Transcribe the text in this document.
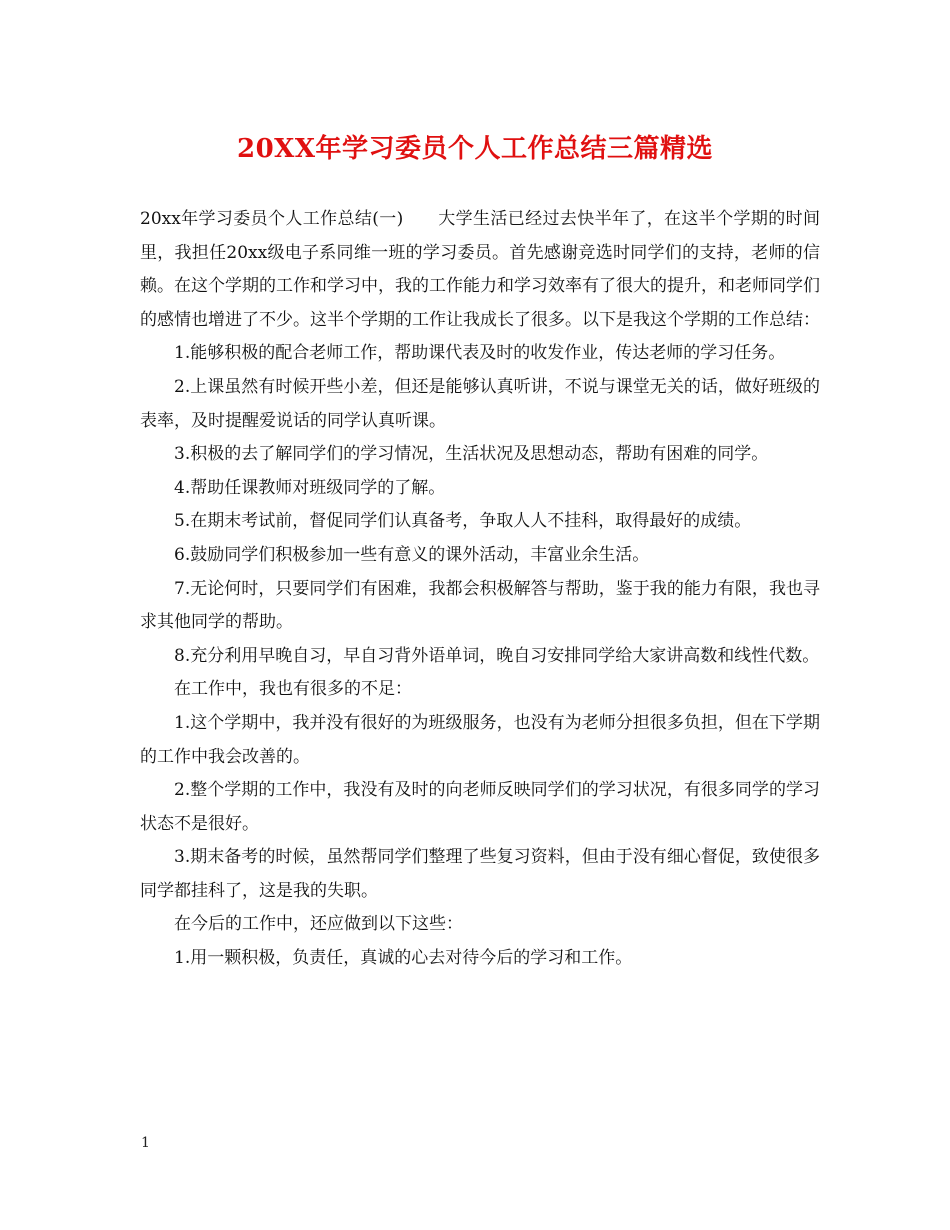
20XX年学习委员个人工作总结三篇精选

20xx年学习委员个人工作总结(一)　　大学生活已经过去快半年了，在这半个学期的时间里，我担任20xx级电子系同维一班的学习委员。首先感谢竞选时同学们的支持，老师的信赖。在这个学期的工作和学习中，我的工作能力和学习效率有了很大的提升，和老师同学们的感情也增进了不少。这半个学期的工作让我成长了很多。以下是我这个学期的工作总结：

1.能够积极的配合老师工作，帮助课代表及时的收发作业，传达老师的学习任务。

2.上课虽然有时候开些小差，但还是能够认真听讲，不说与课堂无关的话，做好班级的表率，及时提醒爱说话的同学认真听课。

3.积极的去了解同学们的学习情况，生活状况及思想动态，帮助有困难的同学。

4.帮助任课教师对班级同学的了解。

5.在期末考试前，督促同学们认真备考，争取人人不挂科，取得最好的成绩。

6.鼓励同学们积极参加一些有意义的课外活动，丰富业余生活。

7.无论何时，只要同学们有困难，我都会积极解答与帮助，鉴于我的能力有限，我也寻求其他同学的帮助。

8.充分利用早晚自习，早自习背外语单词，晚自习安排同学给大家讲高数和线性代数。

在工作中，我也有很多的不足：

1.这个学期中，我并没有很好的为班级服务，也没有为老师分担很多负担，但在下学期的工作中我会改善的。

2.整个学期的工作中，我没有及时的向老师反映同学们的学习状况，有很多同学的学习状态不是很好。

3.期末备考的时候，虽然帮同学们整理了些复习资料，但由于没有细心督促，致使很多同学都挂科了，这是我的失职。

在今后的工作中，还应做到以下这些：

1.用一颗积极，负责任，真诚的心去对待今后的学习和工作。

1
